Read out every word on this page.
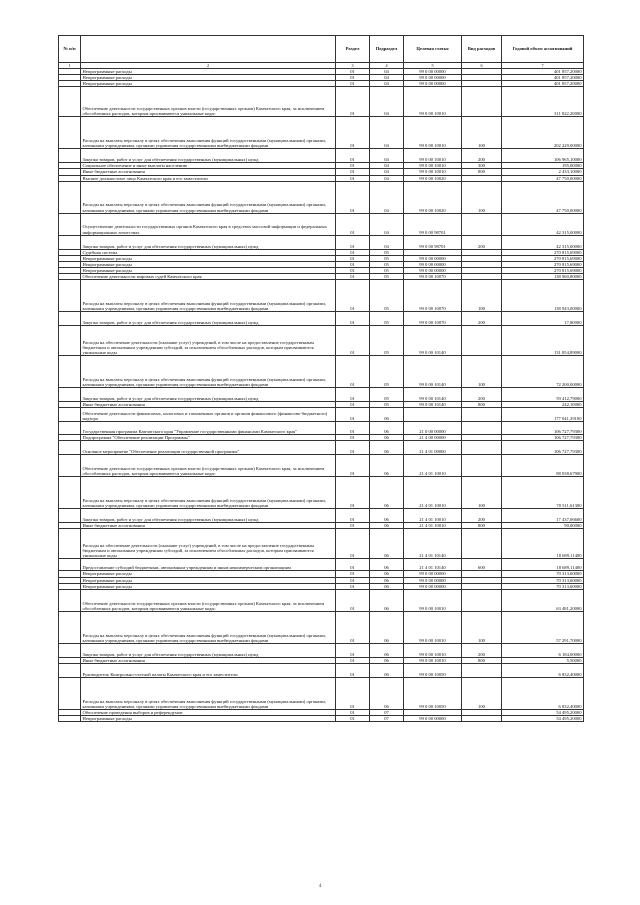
№ п/п		Раздел	Подраздел	Целевая статья	Вид расходов	Годовой объем ассигнований
1	2	3	4	5	6	7
	Непрограммные расходы	01	04	99 0 00 00000		401 857,20000
	Непрограммные расходы	01	04	99 0 00 00000		401 857,20000
	Непрограммные расходы	01	04	99 0 00 00000		401 857,20000
	Обеспечение деятельности государственных органов власти (государственных органов) Камчатского края, за исключением обособленных расходов, которым присваиваются уникальные коды:	01	04	99 0 00 10010		311 822,20000
	Расходы на выплаты персоналу в целях обеспечения выполнения функций государственными (муниципальными) органами, казенными учреждениями, органами управления государственными внебюджетными фондами	01	04	99 0 00 10010	100	202 229,00000
	Закупка товаров, работ и услуг для обеспечения государственных (муниципальных) нужд	01	04	99 0 00 10010	200	106 965,10000
	Социальное обеспечение и иные выплаты населению	01	04	99 0 00 10010	300	195,00000
	Иные бюджетные ассигнования	01	04	99 0 00 10010	800	2 433,10000
	Высшее должностное лицо Камчатского края и его заместители	01	04	99 0 00 10020		47 750,00000
	Расходы на выплаты персоналу в целях обеспечения выполнения функций государственными (муниципальными) органами, казенными учреждениями, органами управления государственными внебюджетными фондами	01	04	99 0 00 10020	100	47 750,00000
	Осуществление деятельности государственных органов Камчатского края в средствах массовой информации и федеральных информационных агентствах	01	04	99 0 00 98701		42 315,00000
	Закупка товаров, работ и услуг для обеспечения государственных (муниципальных) нужд	01	04	99 0 00 98701	200	42 315,00000
	Судебная система	01	05			270 815,69000
	Непрограммные расходы	01	05	99 0 00 00000		270 815,69000
	Непрограммные расходы	01	05	99 0 00 00000		270 815,69000
	Непрограммные расходы	01	05	99 0 00 00000		270 815,69000
	Обеспечение деятельности мировых судей Камчатского края	01	05	99 0 00 10070		138 960,80000
	Расходы на выплаты персоналу в целях обеспечения выполнения функций государственными (муниципальными) органами, казенными учреждениями, органами управления государственными внебюджетными фондами	01	05	99 0 00 10070	100	138 943,00000
	Закупка товаров, работ и услуг для обеспечения государственных (муниципальных) нужд	01	05	99 0 00 10070	200	17,80000
	Расходы на обеспечение деятельности (оказание услуг) учреждений, в том числе на предоставление государственным бюджетным и автономным учреждениям субсидий, за исключением обособленных расходов, которым присваиваются уникальные коды	01	05	99 0 00 10140		131 854,89000
	Расходы на выплаты персоналу в целях обеспечения выполнения функций государственными (муниципальными) органами, казенными учреждениями, органами управления государственными внебюджетными фондами	01	05	99 0 00 10140	100	72 200,00000
	Закупка товаров, работ и услуг для обеспечения государственных (муниципальных) нужд	01	05	99 0 00 10140	200	59 412,79000
	Иные бюджетные ассигнования	01	05	99 0 00 10140	800	242,10000
	Обеспечение деятельности финансовых, налоговых и таможенных органов и органов финансового (финансово-бюджетного) надзора	01	06			177 041,39100
	Государственная программа Камчатского края "Управление государственными финансами Камчатского края"	01	06	21 0 00 00000		106 727,79300
	Подпрограмма "Обеспечение реализации Программы"	01	06	21 4 00 00000		106 727,79300
	Основное мероприятие "Обеспечение реализации государственной программы"	01	06	21 4 01 00000		106 727,79300
	Обеспечение деятельности государственных органов власти (государственных органов) Камчатского края, за исключением обособленных расходов, которым присваиваются уникальные коды:	01	06	21 4 01 10010		88 038,67900
	Расходы на выплаты персоналу в целях обеспечения выполнения функций государственными (муниципальными) органами, казенными учреждениями, органами управления государственными внебюджетными фондами	01	06	21 4 01 10010	100	70 511,61300
	Закупка товаров, работ и услуг для обеспечения государственных (муниципальных) нужд	01	06	21 4 01 10010	200	17 437,06600
	Иные бюджетные ассигнования	01	06	21 4 01 10010	800	90,00000
	Расходы на обеспечение деятельности (оказание услуг) учреждений, в том числе на предоставление государственным бюджетным и автономным учреждениям субсидий, за исключением обособленных расходов, которым присваиваются уникальные коды	01	06	21 4 01 10140		18 689,11400
	Предоставление субсидий бюджетным, автономным учреждениям и иным некоммерческим организациям	01	06	21 4 01 10140	600	18 689,11400
	Непрограммные расходы	01	06	99 0 00 00000		70 313,60000
	Непрограммные расходы	01	06	99 0 00 00000		70 313,60000
	Непрограммные расходы	01	06	99 0 00 00000		70 313,60000
	Обеспечение деятельности государственных органов власти (государственных органов) Камчатского края, за исключением обособленных расходов, которым присваиваются уникальные коды:	01	06	99 0 00 10010		63 481,20000
	Расходы на выплаты персоналу в целях обеспечения выполнения функций государственными (муниципальными) органами, казенными учреждениями, органами управления государственными внебюджетными фондами	01	06	99 0 00 10010	100	57 291,70000
	Закупка товаров, работ и услуг для обеспечения государственных (муниципальных) нужд	01	06	99 0 00 10010	200	6 184,00000
	Иные бюджетные ассигнования	01	06	99 0 00 10010	800	5,50000
	Руководитель Контрольно-счетной палаты Камчатского края и его заместители	01	06	99 0 00 10050		6 832,40000
	Расходы на выплаты персоналу в целях обеспечения выполнения функций государственными (муниципальными) органами, казенными учреждениями, органами управления государственными внебюджетными фондами	01	06	99 0 00 10050	100	6 832,40000
	Обеспечение проведения выборов и референдумов	01	07			54 495,20000
	Непрограммные расходы	01	07	99 0 00 00000		54 495,20000
4
